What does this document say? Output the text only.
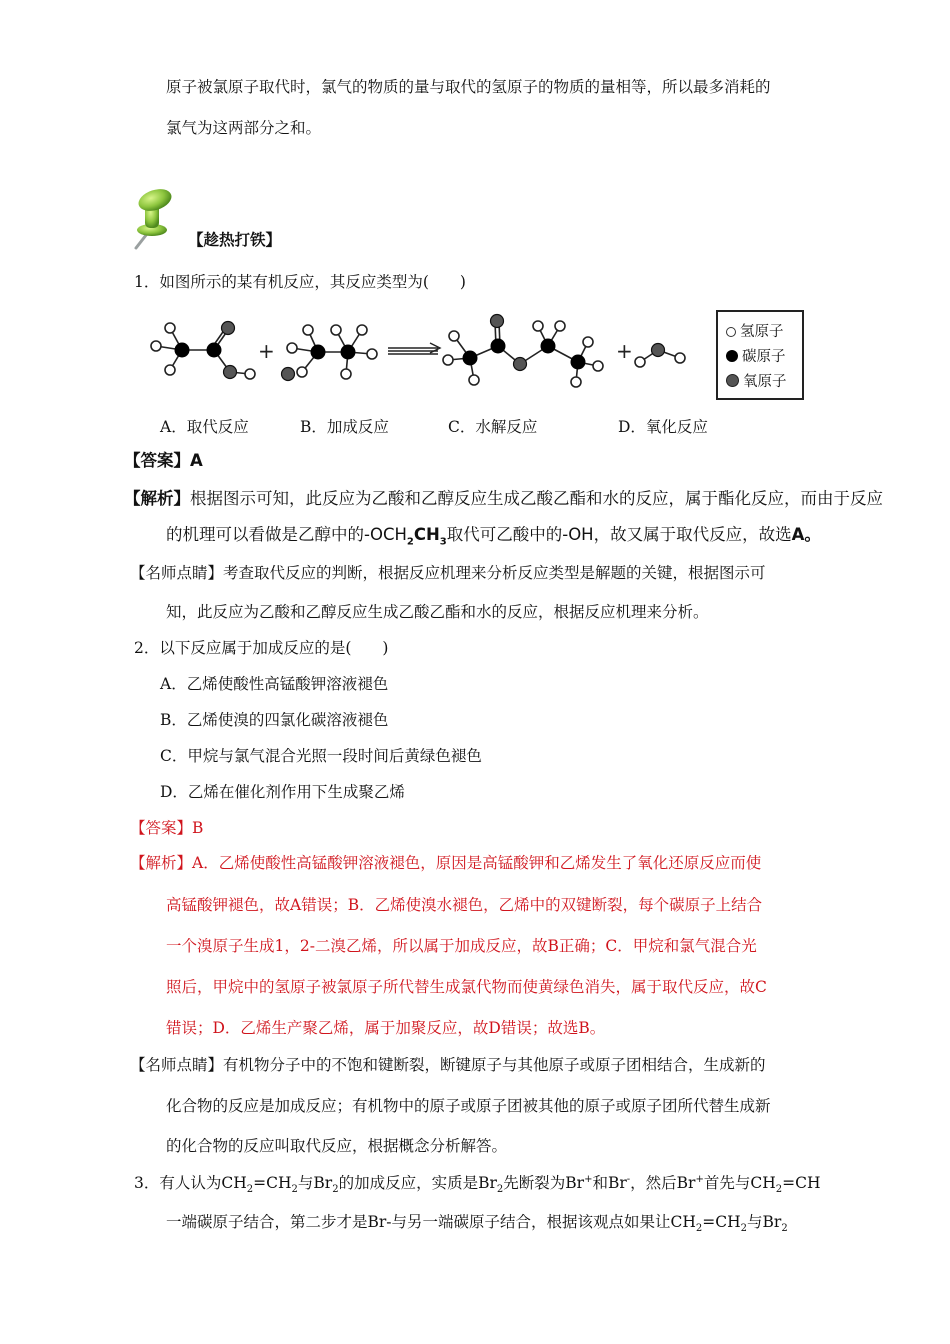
原子被氯原子取代时，氯气的物质的量与取代的氢原子的物质的量相等，所以最多消耗的
氯气为这两部分之和。
【趁热打铁】
1．如图所示的某有机反应，其反应类型为(　　)
+	+
氢原子
碳原子
氧原子
A．取代反应	B．加成反应	C．水解反应	D．氧化反应
【答案】A
【解析】根据图示可知，此反应为乙酸和乙醇反应生成乙酸乙酯和水的反应，属于酯化反应，而由于反应
的机理可以看做是乙醇中的$-OCH_2CH_3$取代可乙酸中的-OH，故又属于取代反应，故选A。
【名师点睛】考查取代反应的判断，根据反应机理来分析反应类型是解题的关键，根据图示可
知，此反应为乙酸和乙醇反应生成乙酸乙酯和水的反应，根据反应机理来分析。
2．以下反应属于加成反应的是(　　)
A．乙烯使酸性高锰酸钾溶液褪色
B．乙烯使溴的四氯化碳溶液褪色
C．甲烷与氯气混合光照一段时间后黄绿色褪色
D．乙烯在催化剂作用下生成聚乙烯
【答案】B
【解析】A．乙烯使酸性高锰酸钾溶液褪色，原因是高锰酸钾和乙烯发生了氧化还原反应而使
高锰酸钾褪色，故A错误；B．乙烯使溴水褪色，乙烯中的双键断裂，每个碳原子上结合
一个溴原子生成1，2-二溴乙烯，所以属于加成反应，故B正确；C．甲烷和氯气混合光
照后，甲烷中的氢原子被氯原子所代替生成氯代物而使黄绿色消失，属于取代反应，故C
错误；D．乙烯生产聚乙烯，属于加聚反应，故D错误；故选B。
【名师点睛】有机物分子中的不饱和键断裂，断键原子与其他原子或原子团相结合，生成新的
化合物的反应是加成反应；有机物中的原子或原子团被其他的原子或原子团所代替生成新
的化合物的反应叫取代反应，根据概念分析解答。
3．有人认为$CH_2=CH_2$与$Br_2$的加成反应，实质是$Br_2$先断裂为Br+和Br-，然后Br+首先与$CH_2=CH$
一端碳原子结合，第二步才是Br-与另一端碳原子结合，根据该观点如果让$CH_2=CH_2$与$Br_2$
